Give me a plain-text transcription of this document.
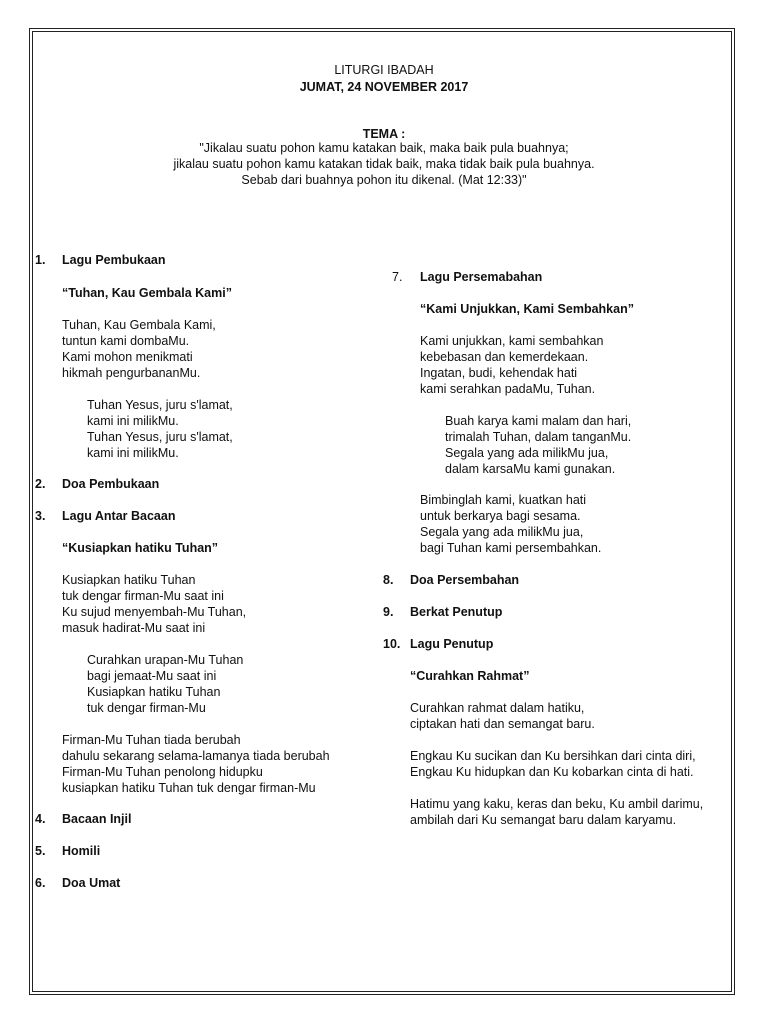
LITURGI IBADAH
JUMAT, 24 NOVEMBER 2017
TEMA :
"Jikalau suatu pohon kamu katakan baik, maka baik pula buahnya;
jikalau suatu pohon kamu katakan tidak baik, maka tidak baik pula buahnya.
Sebab dari buahnya pohon itu dikenal. (Mat 12:33)"
1. Lagu Pembukaan
“Tuhan, Kau Gembala Kami”
Tuhan, Kau Gembala Kami,
tuntun kami dombaMu.
Kami mohon menikmati
hikmah pengurbananMu.
Tuhan Yesus, juru s'lamat,
kami ini milikMu.
Tuhan Yesus, juru s'lamat,
kami ini milikMu.
2. Doa Pembukaan
3. Lagu Antar Bacaan
“Kusiapkan hatiku Tuhan”
Kusiapkan hatiku Tuhan
tuk dengar firman-Mu saat ini
Ku sujud menyembah-Mu Tuhan,
masuk hadirat-Mu saat ini
Curahkan urapan-Mu Tuhan
bagi jemaat-Mu saat ini
Kusiapkan hatiku Tuhan
tuk dengar firman-Mu
Firman-Mu Tuhan tiada berubah
dahulu sekarang selama-lamanya tiada berubah
Firman-Mu Tuhan penolong hidupku
kusiapkan hatiku Tuhan tuk dengar firman-Mu
4. Bacaan Injil
5. Homili
6. Doa Umat
7. Lagu Persemabahan
“Kami Unjukkan, Kami Sembahkan”
Kami unjukkan, kami sembahkan
kebebasan dan kemerdekaan.
Ingatan, budi, kehendak hati
kami serahkan padaMu, Tuhan.
Buah karya kami malam dan hari,
trimalah Tuhan, dalam tanganMu.
Segala yang ada milikMu jua,
dalam karsaMu kami gunakan.
Bimbinglah kami, kuatkan hati
untuk berkarya bagi sesama.
Segala yang ada milikMu jua,
bagi Tuhan kami persembahkan.
8. Doa Persembahan
9. Berkat Penutup
10. Lagu Penutup
“Curahkan Rahmat”
Curahkan rahmat dalam hatiku,
ciptakan hati dan semangat baru.
Engkau Ku sucikan dan Ku bersihkan dari cinta diri,
Engkau Ku hidupkan dan Ku kobarkan cinta di hati.
Hatimu yang kaku, keras dan beku, Ku ambil darimu,
ambilah dari Ku semangat baru dalam karyamu.
